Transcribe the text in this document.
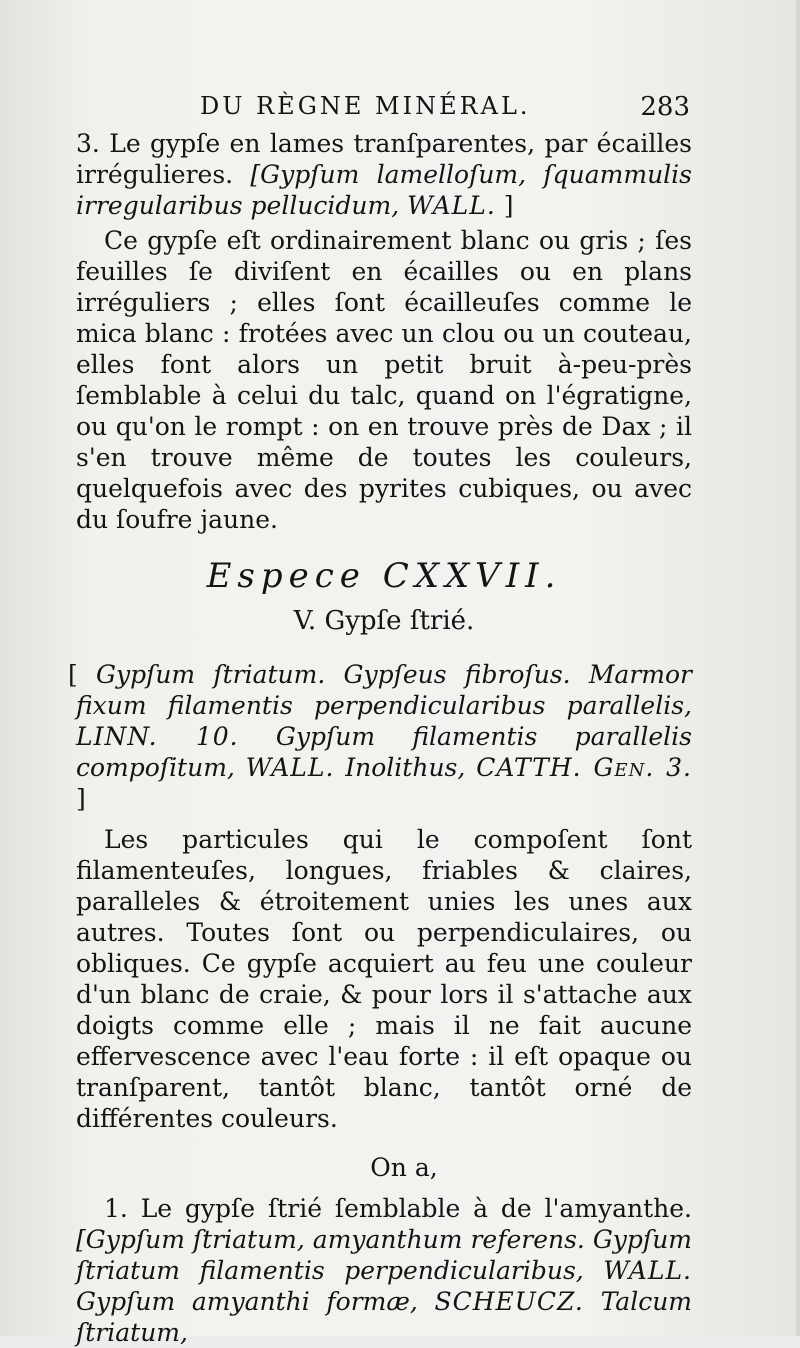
DU RÈGNE MINÉRAL.	283

3. Le gypſe en lames tranſparentes, par écailles irrégulieres. [Gypſum lamelloſum, ſquammulis irregularibus pellucidum, WALL. ]

Ce gypſe eſt ordinairement blanc ou gris ; ſes feuilles ſe diviſent en écailles ou en plans irréguliers ; elles ſont écailleuſes comme le mica blanc : frotées avec un clou ou un couteau, elles font alors un petit bruit à-peu-près ſemblable à celui du talc, quand on l'égratigne, ou qu'on le rompt : on en trouve près de Dax ; il s'en trouve même de toutes les couleurs, quelquefois avec des pyrites cubiques, ou avec du ſoufre jaune.

Espece CXXVII.
V. Gypſe ſtrié.

[ Gypſum ſtriatum. Gypſeus fibroſus. Marmor fixum filamentis perpendicularibus parallelis, LINN. 10. Gypſum filamentis parallelis compoſitum, WALL. Inolithus, CATTH. Gen. 3. ]

Les particules qui le compoſent ſont filamenteuſes, longues, friables & claires, paralleles & étroitement unies les unes aux autres. Toutes ſont ou perpendiculaires, ou obliques. Ce gypſe acquiert au feu une couleur d'un blanc de craie, & pour lors il s'attache aux doigts comme elle ; mais il ne fait aucune effervescence avec l'eau forte : il eſt opaque ou tranſparent, tantôt blanc, tantôt orné de différentes couleurs.

On a,

1. Le gypſe ſtrié ſemblable à de l'amyanthe. [Gypſum ſtriatum, amyanthum referens. Gypſum ſtriatum filamentis perpendicularibus, WALL. Gypſum amyanthi formæ, SCHEUCZ. Talcum ſtriatum,
